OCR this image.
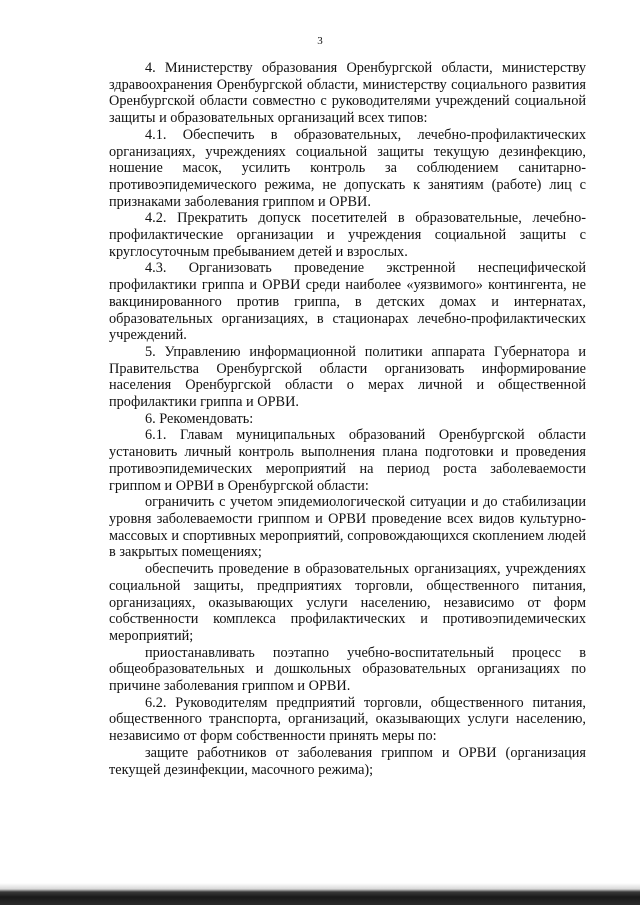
3

4. Министерству образования Оренбургской области, министерству здравоохранения Оренбургской области, министерству социального развития Оренбургской области совместно с руководителями учреждений социальной защиты и образовательных организаций всех типов:

4.1. Обеспечить в образовательных, лечебно-профилактических организациях, учреждениях социальной защиты текущую дезинфекцию, ношение масок, усилить контроль за соблюдением санитарно-противоэпидемического режима, не допускать к занятиям (работе) лиц с признаками заболевания гриппом и ОРВИ.

4.2. Прекратить допуск посетителей в образовательные, лечебно-профилактические организации и учреждения социальной защиты с круглосуточным пребыванием детей и взрослых.

4.3. Организовать проведение экстренной неспецифической профилактики гриппа и ОРВИ среди наиболее «уязвимого» контингента, не вакцинированного против гриппа, в детских домах и интернатах, образовательных организациях, в стационарах лечебно-профилактических учреждений.

5. Управлению информационной политики аппарата Губернатора и Правительства Оренбургской области организовать информирование населения Оренбургской области о мерах личной и общественной профилактики гриппа и ОРВИ.

6. Рекомендовать:

6.1. Главам муниципальных образований Оренбургской области установить личный контроль выполнения плана подготовки и проведения противоэпидемических мероприятий на период роста заболеваемости гриппом и ОРВИ в Оренбургской области:

ограничить с учетом эпидемиологической ситуации и до стабилизации уровня заболеваемости гриппом и ОРВИ проведение всех видов культурно-массовых и спортивных мероприятий, сопровождающихся скоплением людей в закрытых помещениях;

обеспечить проведение в образовательных организациях, учреждениях социальной защиты, предприятиях торговли, общественного питания, организациях, оказывающих услуги населению, независимо от форм собственности комплекса профилактических и противоэпидемических мероприятий;

приостанавливать поэтапно учебно-воспитательный процесс в общеобразовательных и дошкольных образовательных организациях по причине заболевания гриппом и ОРВИ.

6.2. Руководителям предприятий торговли, общественного питания, общественного транспорта, организаций, оказывающих услуги населению, независимо от форм собственности принять меры по:

защите работников от заболевания гриппом и ОРВИ (организация текущей дезинфекции, масочного режима);
